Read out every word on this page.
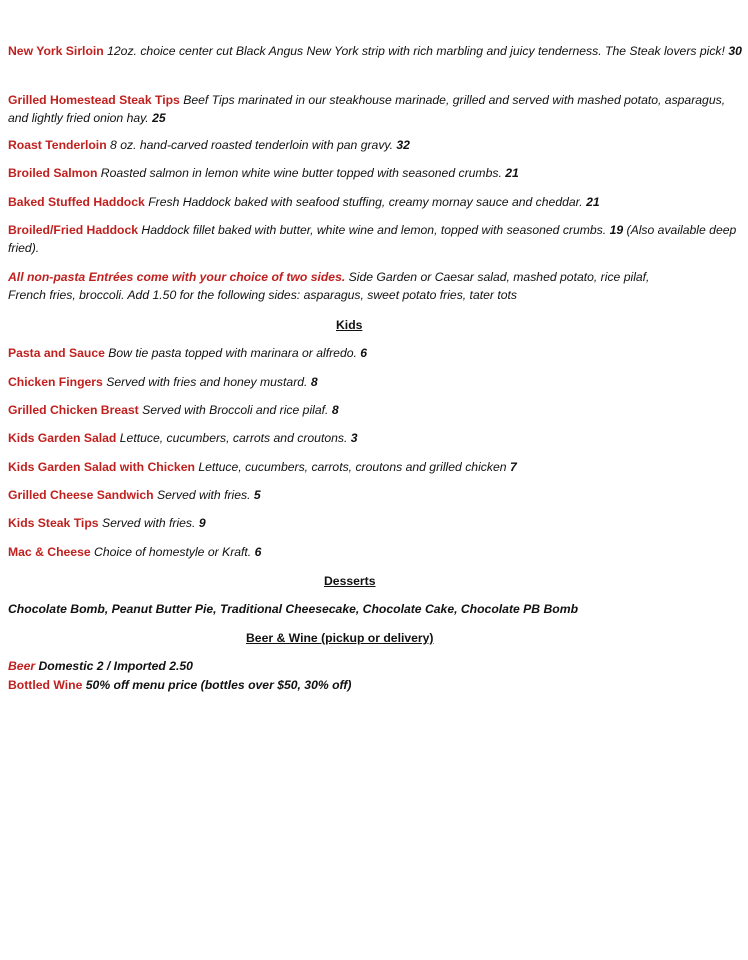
New York Sirloin 12oz. choice center cut Black Angus New York strip with rich marbling and juicy tenderness. The Steak lovers pick! 30
Grilled Homestead Steak Tips Beef Tips marinated in our steakhouse marinade, grilled and served with mashed potato, asparagus, and lightly fried onion hay. 25
Roast Tenderloin 8 oz. hand-carved roasted tenderloin with pan gravy. 32
Broiled Salmon Roasted salmon in lemon white wine butter topped with seasoned crumbs. 21
Baked Stuffed Haddock Fresh Haddock baked with seafood stuffing, creamy mornay sauce and cheddar. 21
Broiled/Fried Haddock Haddock fillet baked with butter, white wine and lemon, topped with seasoned crumbs. 19 (Also available deep fried).
All non-pasta Entrées come with your choice of two sides. Side Garden or Caesar salad, mashed potato, rice pilaf, French fries, broccoli. Add 1.50 for the following sides: asparagus, sweet potato fries, tater tots
Kids
Pasta and Sauce Bow tie pasta topped with marinara or alfredo. 6
Chicken Fingers Served with fries and honey mustard. 8
Grilled Chicken Breast Served with Broccoli and rice pilaf. 8
Kids Garden Salad Lettuce, cucumbers, carrots and croutons. 3
Kids Garden Salad with Chicken Lettuce, cucumbers, carrots, croutons and grilled chicken 7
Grilled Cheese Sandwich Served with fries. 5
Kids Steak Tips Served with fries. 9
Mac & Cheese Choice of homestyle or Kraft. 6
Desserts
Chocolate Bomb, Peanut Butter Pie, Traditional Cheesecake, Chocolate Cake, Chocolate PB Bomb
Beer & Wine (pickup or delivery)
Beer Domestic 2 / Imported 2.50
Bottled Wine 50% off menu price (bottles over $50, 30% off)
